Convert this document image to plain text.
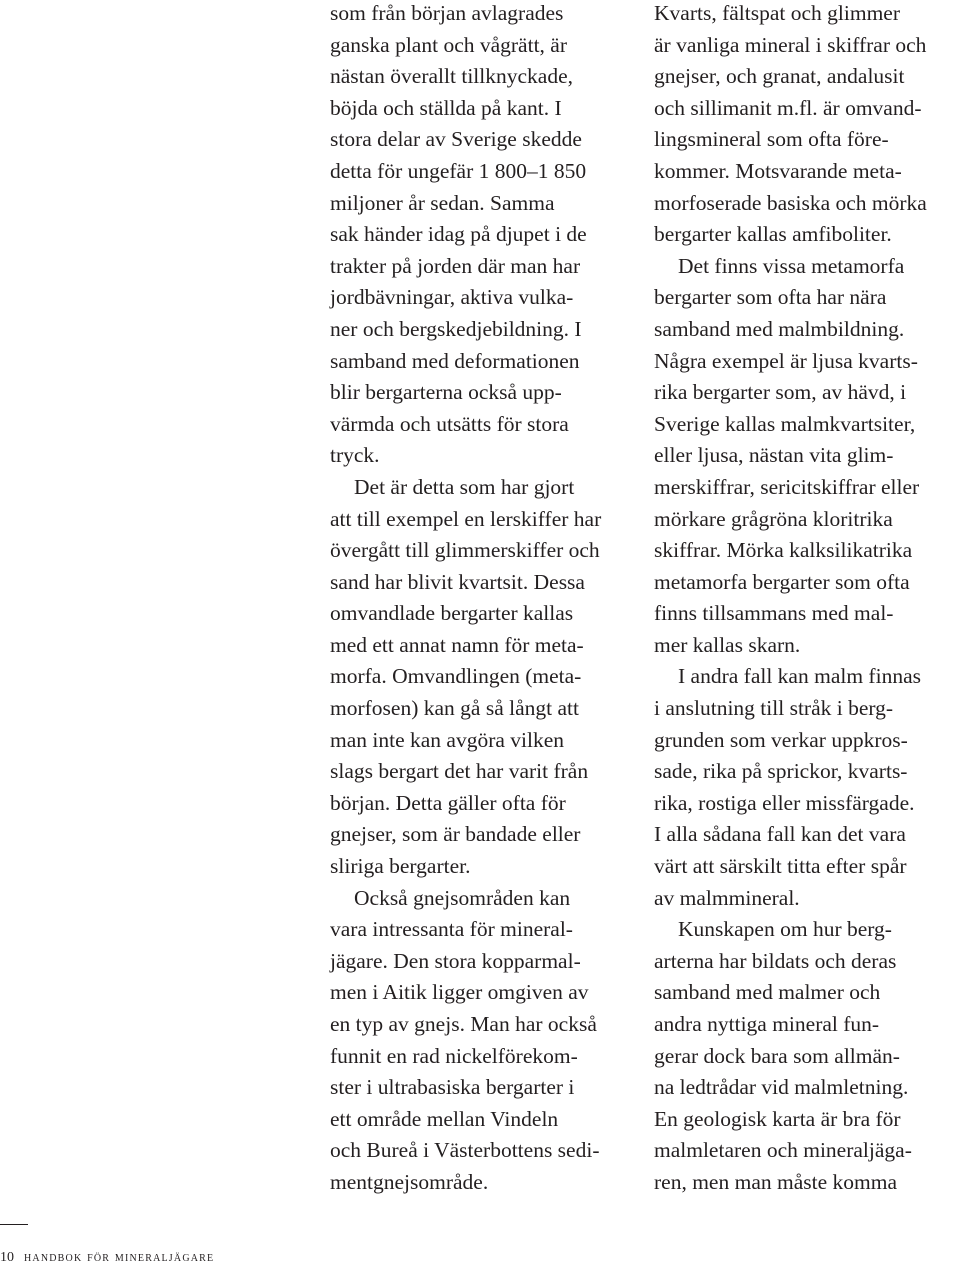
som från början avlagrades
ganska plant och vågrätt, är
nästan överallt tillknyckade,
böjda och ställda på kant. I
stora delar av Sverige skedde
detta för ungefär 1 800–1 850
miljoner år sedan. Samma
sak händer idag på djupet i de
trakter på jorden där man har
jordbävningar, aktiva vulka-
ner och bergskedjebildning. I
samband med deformationen
blir bergarterna också upp-
värmda och utsätts för stora
tryck.
Det är detta som har gjort
att till exempel en lerskiffer har
övergått till glimmerskiffer och
sand har blivit kvartsit. Dessa
omvandlade bergarter kallas
med ett annat namn för meta-
morfa. Omvandlingen (meta-
morfosen) kan gå så långt att
man inte kan avgöra vilken
slags bergart det har varit från
början. Detta gäller ofta för
gnejser, som är bandade eller
sliriga bergarter.
Också gnejsområden kan
vara intressanta för mineral-
jägare. Den stora kopparmal-
men i Aitik ligger omgiven av
en typ av gnejs. Man har också
funnit en rad nickelförekom-
ster i ultrabasiska bergarter i
ett område mellan Vindeln
och Bureå i Västerbottens sedi-
mentgnejsområde.
Kvarts, fältspat och glimmer
är vanliga mineral i skiffrar och
gnejser, och granat, andalusit
och sillimanit m.fl. är omvand-
lingsmineral som ofta före-
kommer. Motsvarande meta-
morfoserade basiska och mörka
bergarter kallas amfiboliter.
Det finns vissa metamorfa
bergarter som ofta har nära
samband med malmbildning.
Några exempel är ljusa kvarts-
rika bergarter som, av hävd, i
Sverige kallas malmkvartsiter,
eller ljusa, nästan vita glim-
merskiffrar, sericitskiffrar eller
mörkare grågröna kloritrika
skiffrar. Mörka kalksilikatrika
metamorfa bergarter som ofta
finns tillsammans med mal-
mer kallas skarn.
I andra fall kan malm finnas
i anslutning till stråk i berg-
grunden som verkar uppkros-
sade, rika på sprickor, kvarts-
rika, rostiga eller missfärgade.
I alla sådana fall kan det vara
värt att särskilt titta efter spår
av malmmineral.
Kunskapen om hur berg-
arterna har bildats och deras
samband med malmer och
andra nyttiga mineral fun-
gerar dock bara som allmän-
na ledtrådar vid malmletning.
En geologisk karta är bra för
malmletaren och mineraljäga-
ren, men man måste komma
10 handbok för mineraljägare
